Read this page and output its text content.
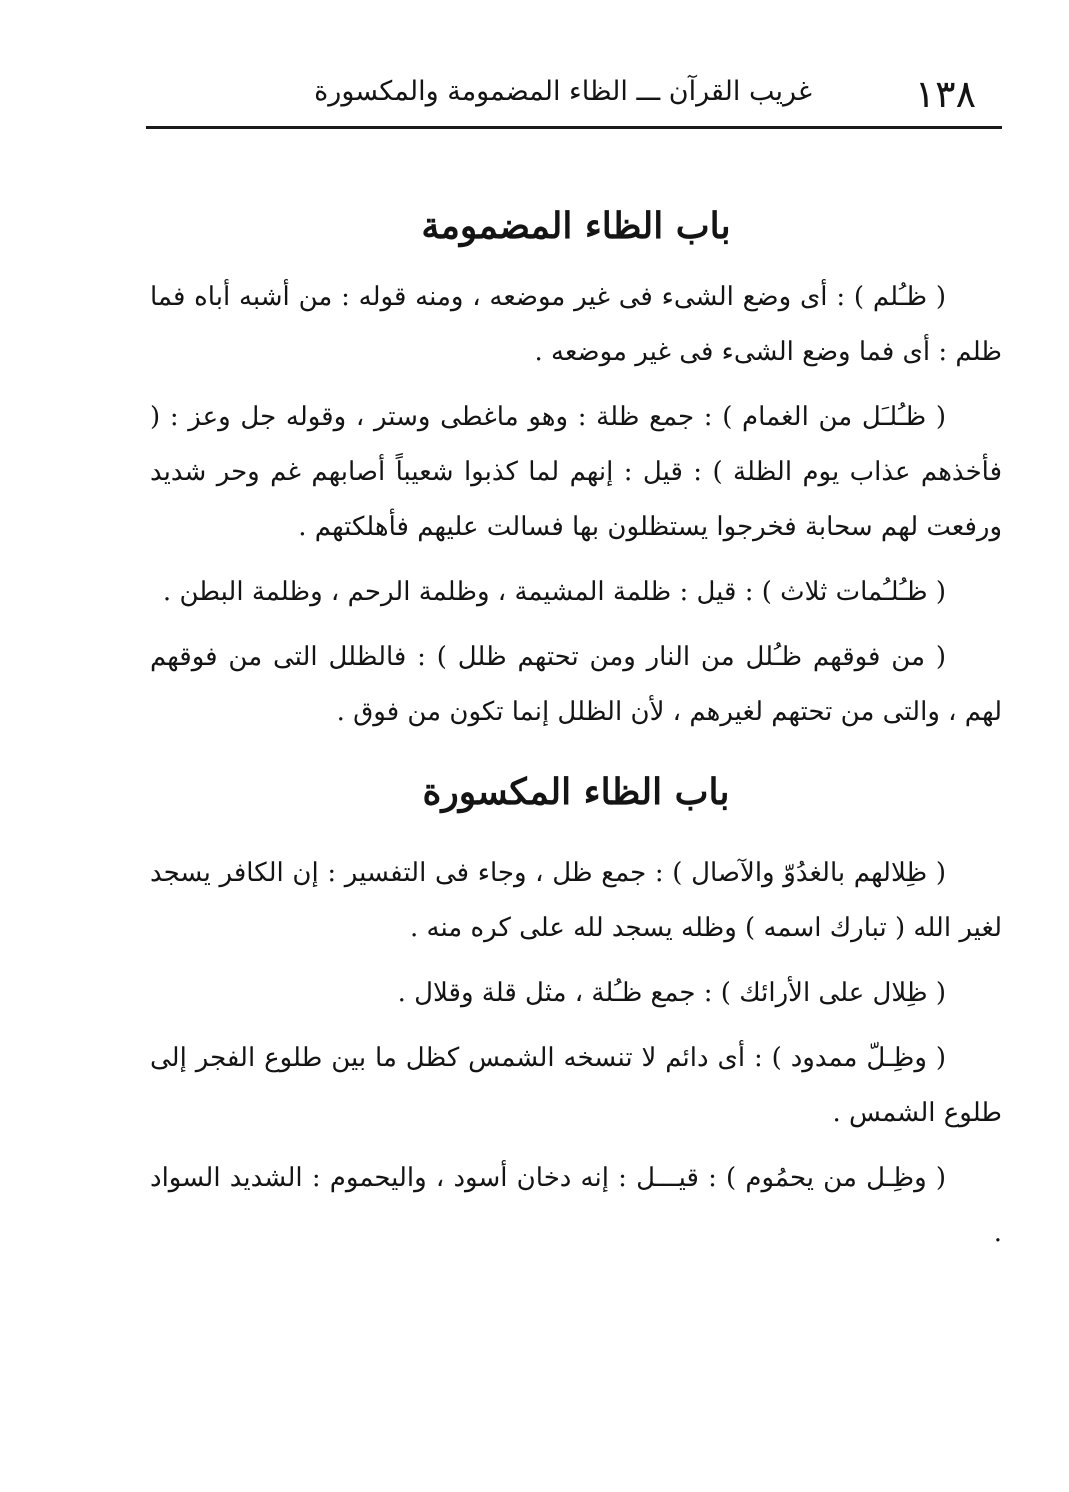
١٣٨
غريب القرآن ـــ الظاء المضمومة والمكسورة
باب الظاء المضمومة

( ظـُلم ) : أى وضع الشىء فى غير موضعه ، ومنه قوله : من أشبه أباه فما ظلم : أى فما وضع الشىء فى غير موضعه .

( ظـُلـَل من الغمام ) : جمع ظلة : وهو ماغطى وستر ، وقوله جل وعز : ( فأخذهم عذاب يوم الظلة ) : قيل : إنهم لما كذبوا شعيباً أصابهم غم وحر شديد ورفعت لهم سحابة فخرجوا يستظلون بها فسالت عليهم فأهلكتهم .

( ظـُلـُمات ثلاث ) : قيل : ظلمة المشيمة ، وظلمة الرحم ، وظلمة البطن .

( من فوقهم ظـُلل من النار ومن تحتهم ظلل ) : فالظلل التى من فوقهم لهم ، والتى من تحتهم لغيرهم ، لأن الظلل إنما تكون من فوق .

باب الظاء المكسورة

( ظِلالهم بالغدُوّ والآصال ) : جمع ظل ، وجاء فى التفسير : إن الكافر يسجد لغير الله ( تبارك اسمه ) وظله يسجد لله على كره منه .

( ظِلال على الأرائك ) : جمع ظـُلة ، مثل قلة وقلال .

( وظِـلّ ممدود ) : أى دائم لا تنسخه الشمس كظل ما بين طلوع الفجر إلى طلوع الشمس .

( وظِـل من يحمُوم ) : قيـــل : إنه دخان أسود ، واليحموم : الشديد السواد .
